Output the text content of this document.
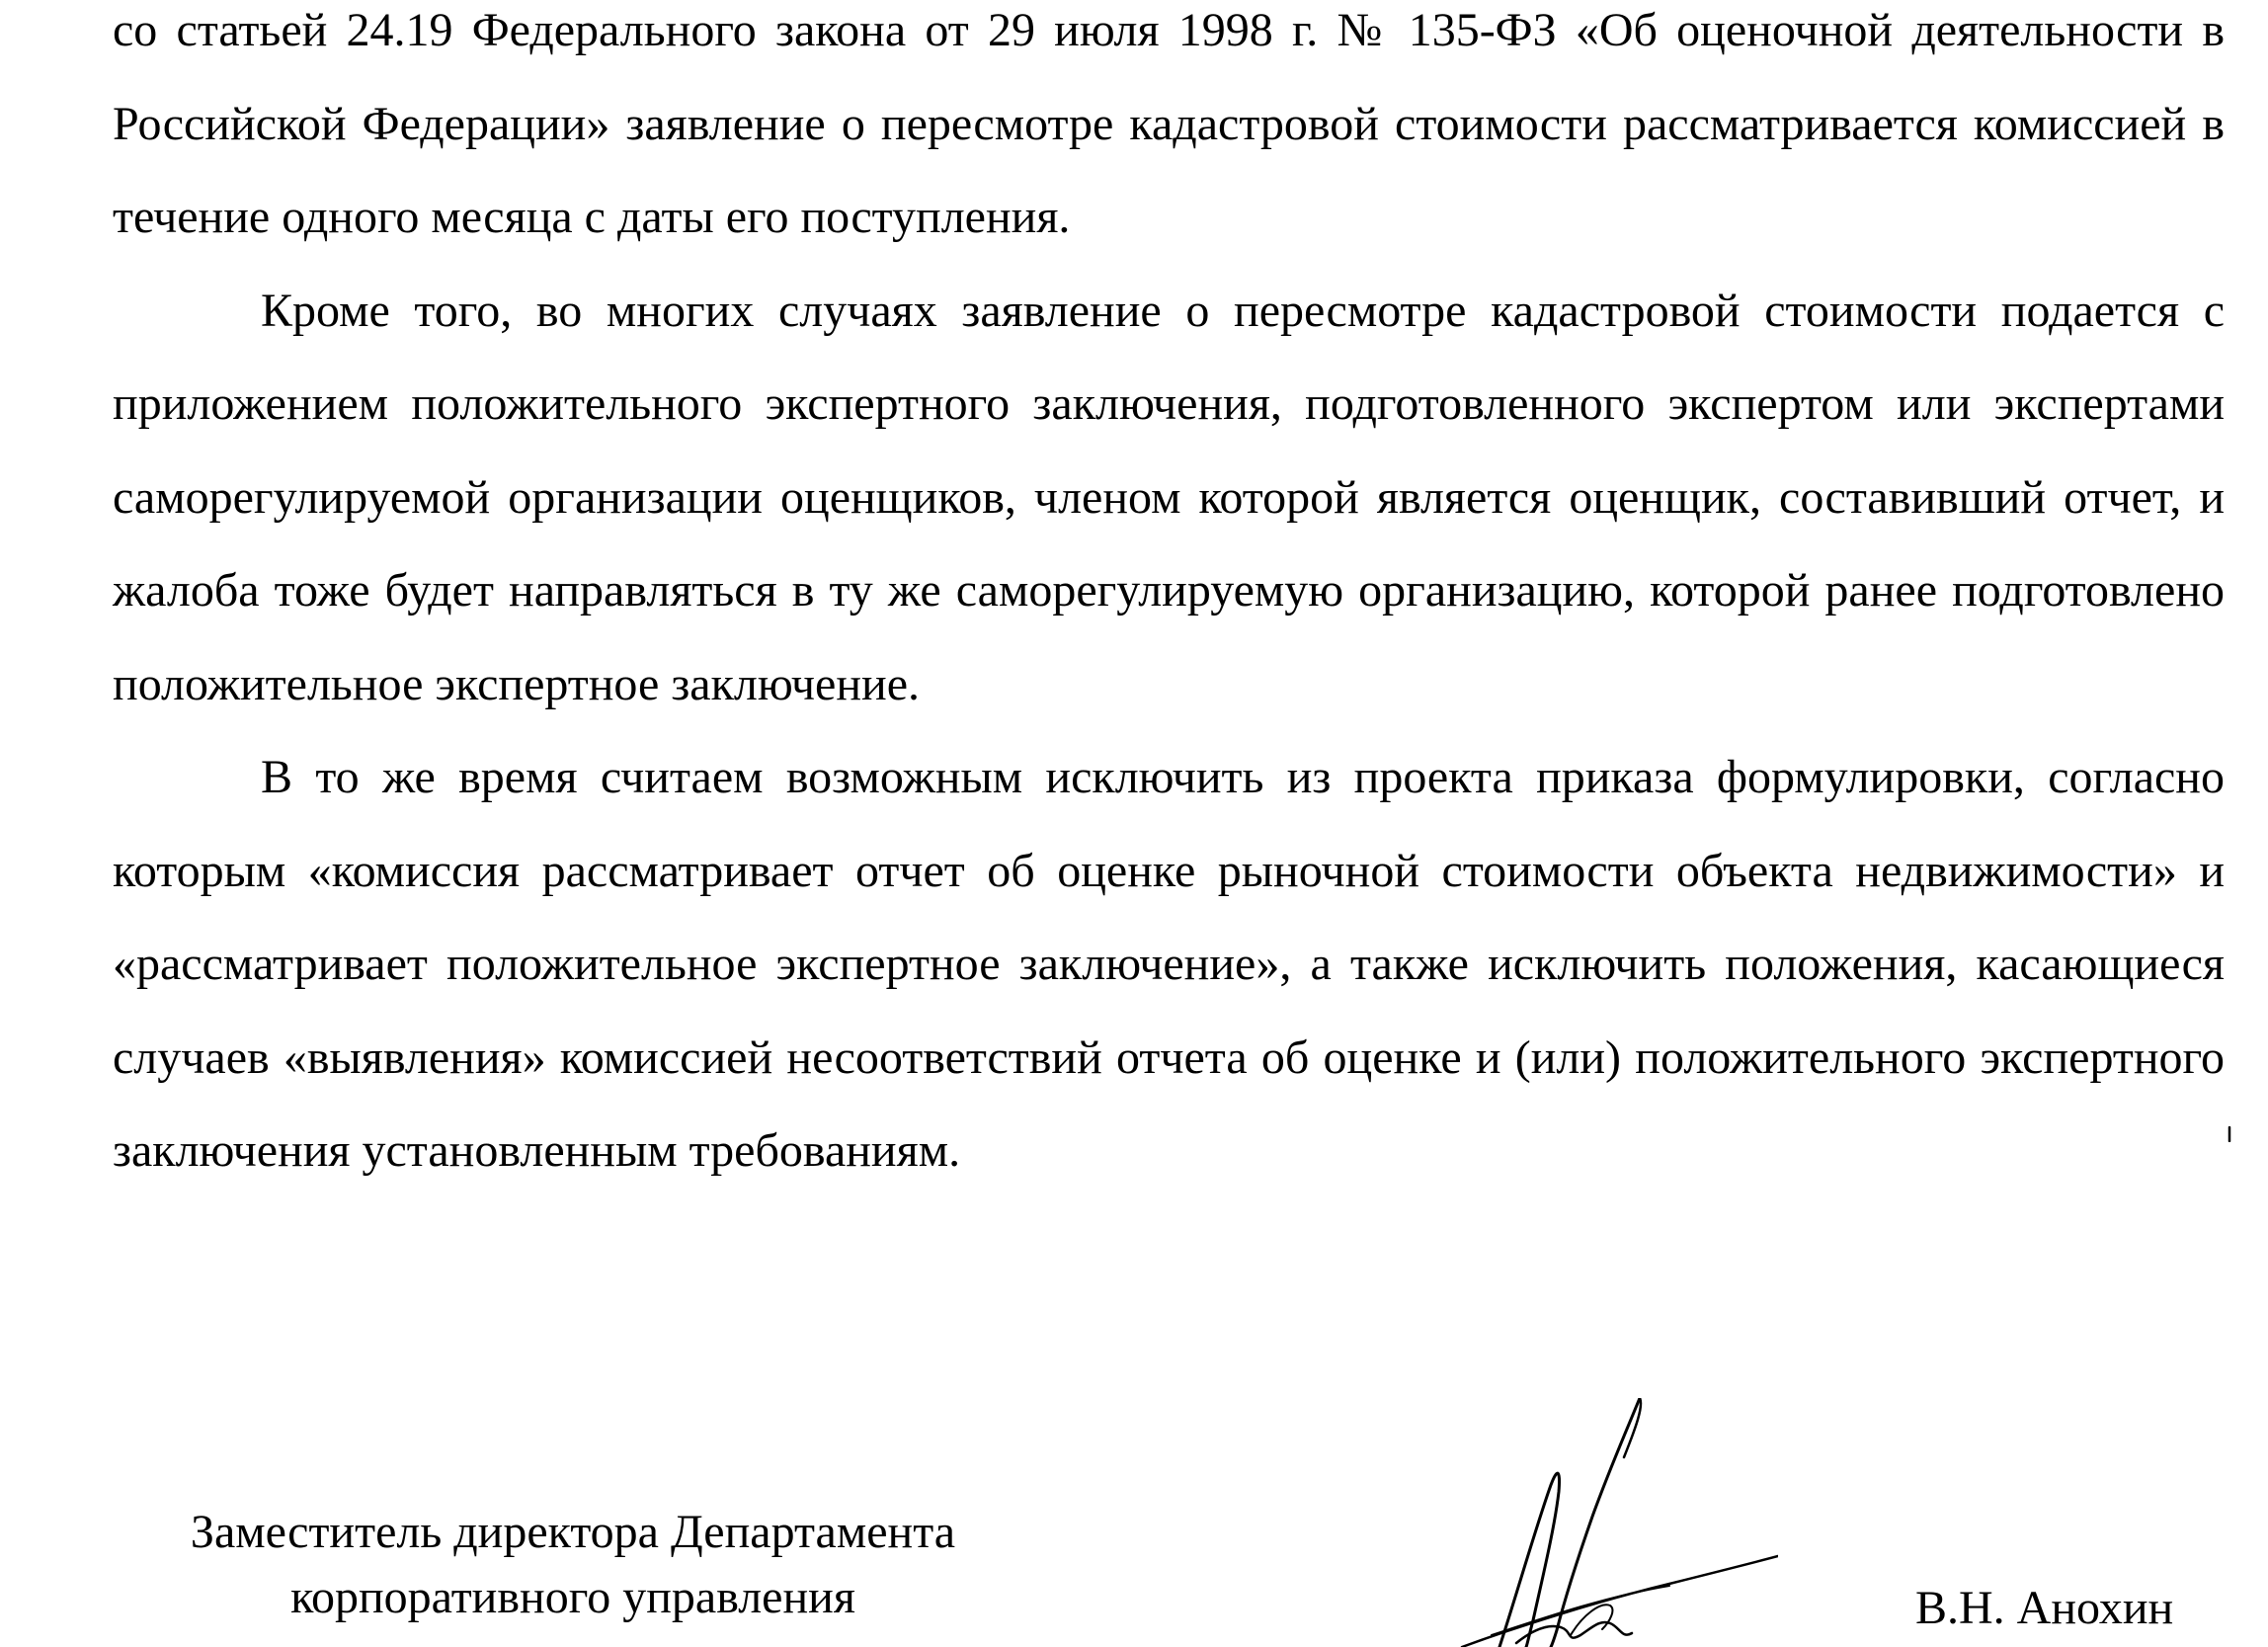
со статьей 24.19 Федерального закона от 29 июля 1998 г. № 135-ФЗ «Об оценочной деятельности в Российской Федерации» заявление о пересмотре кадастровой стоимости рассматривается комиссией в течение одного месяца с даты его поступления.

Кроме того, во многих случаях заявление о пересмотре кадастровой стоимости подается с приложением положительного экспертного заключения, подготовленного экспертом или экспертами саморегулируемой организации оценщиков, членом которой является оценщик, составивший отчет, и жалоба тоже будет направляться в ту же саморегулируемую организацию, которой ранее подготовлено положительное экспертное заключение.

В то же время считаем возможным исключить из проекта приказа формулировки, согласно которым «комиссия рассматривает отчет об оценке рыночной стоимости объекта недвижимости» и «рассматривает положительное экспертное заключение», а также исключить положения, касающиеся случаев «выявления» комиссией несоответствий отчета об оценке и (или) положительного экспертного заключения установленным требованиям.

Заместитель директора Департамента
корпоративного управления	В.Н. Анохин
